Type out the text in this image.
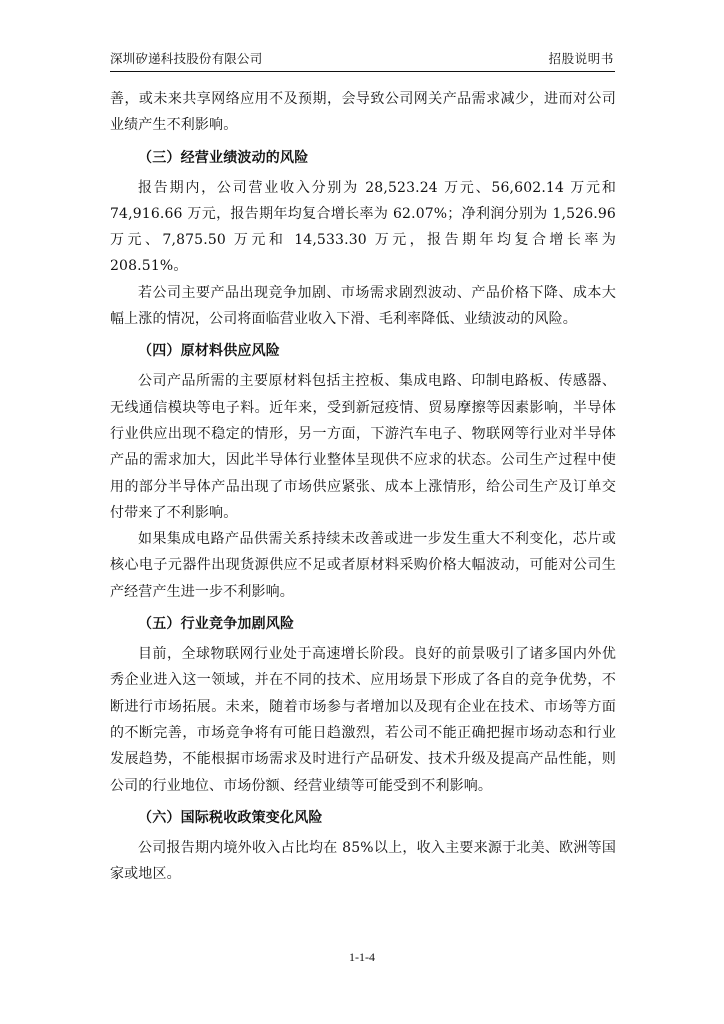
深圳矽递科技股份有限公司	招股说明书

善，或未来共享网络应用不及预期，会导致公司网关产品需求减少，进而对公司业绩产生不利影响。

（三）经营业绩波动的风险

报告期内，公司营业收入分别为 28,523.24 万元、56,602.14 万元和 74,916.66 万元，报告期年均复合增长率为 62.07%；净利润分别为 1,526.96 万元、7,875.50 万元和 14,533.30 万元，报告期年均复合增长率为 208.51%。

若公司主要产品出现竞争加剧、市场需求剧烈波动、产品价格下降、成本大幅上涨的情况，公司将面临营业收入下滑、毛利率降低、业绩波动的风险。

（四）原材料供应风险

公司产品所需的主要原材料包括主控板、集成电路、印制电路板、传感器、无线通信模块等电子料。近年来，受到新冠疫情、贸易摩擦等因素影响，半导体行业供应出现不稳定的情形，另一方面，下游汽车电子、物联网等行业对半导体产品的需求加大，因此半导体行业整体呈现供不应求的状态。公司生产过程中使用的部分半导体产品出现了市场供应紧张、成本上涨情形，给公司生产及订单交付带来了不利影响。

如果集成电路产品供需关系持续未改善或进一步发生重大不利变化，芯片或核心电子元器件出现货源供应不足或者原材料采购价格大幅波动，可能对公司生产经营产生进一步不利影响。

（五）行业竞争加剧风险

目前，全球物联网行业处于高速增长阶段。良好的前景吸引了诸多国内外优秀企业进入这一领域，并在不同的技术、应用场景下形成了各自的竞争优势，不断进行市场拓展。未来，随着市场参与者增加以及现有企业在技术、市场等方面的不断完善，市场竞争将有可能日趋激烈，若公司不能正确把握市场动态和行业发展趋势，不能根据市场需求及时进行产品研发、技术升级及提高产品性能，则公司的行业地位、市场份额、经营业绩等可能受到不利影响。

（六）国际税收政策变化风险

公司报告期内境外收入占比均在 85%以上，收入主要来源于北美、欧洲等国家或地区。

1-1-4
